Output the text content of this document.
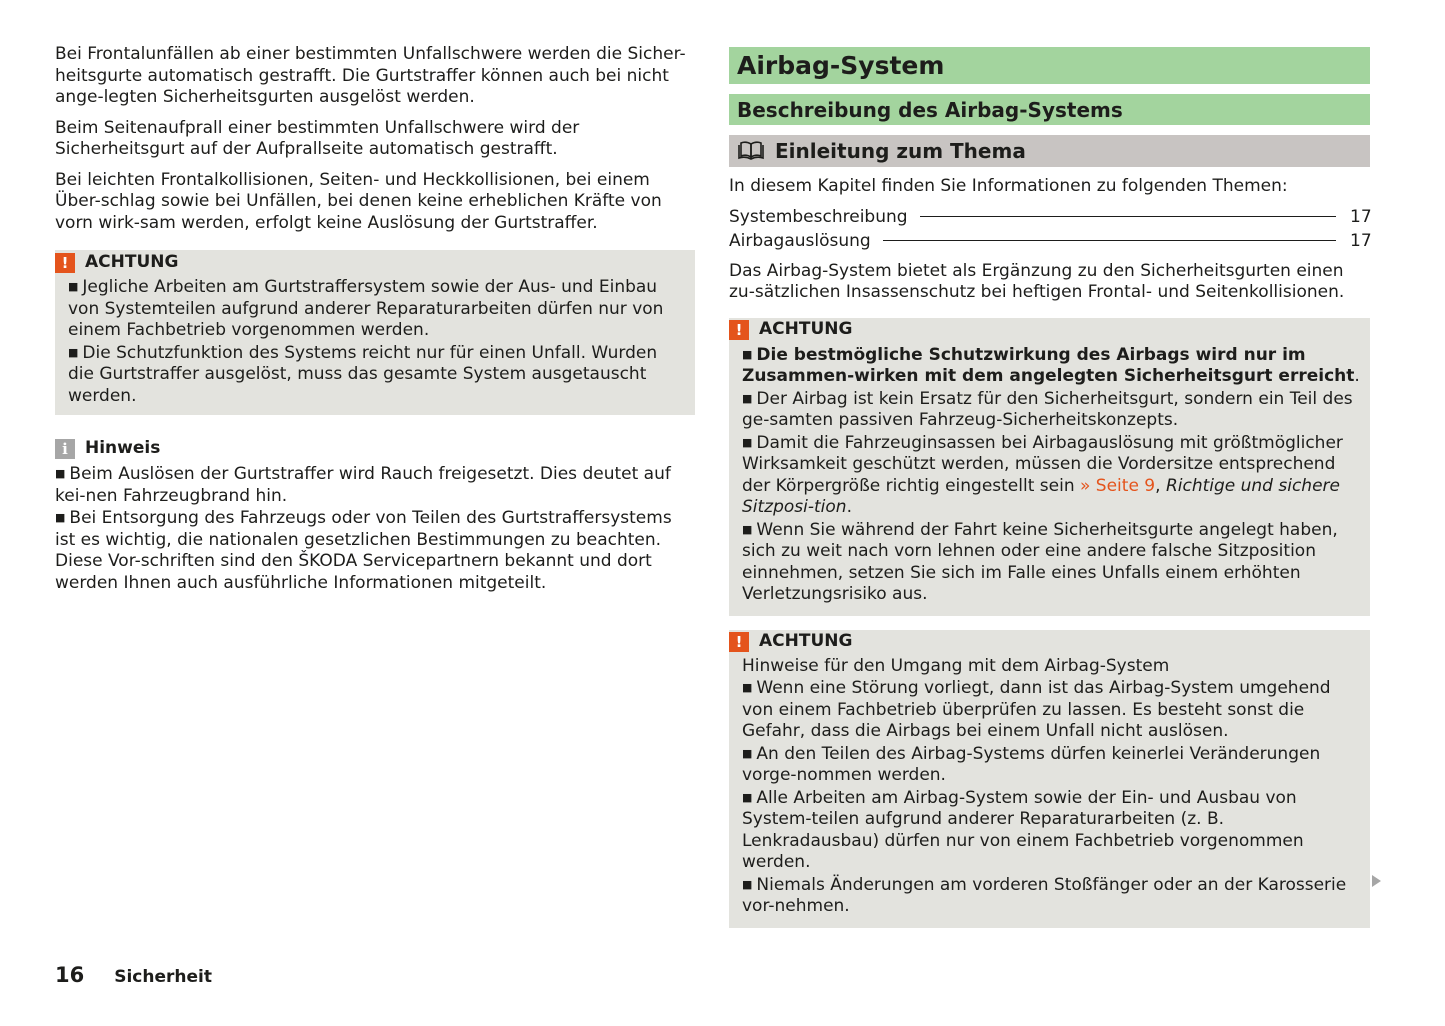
Bei Frontalunfällen ab einer bestimmten Unfallschwere werden die Sicher-heitsgurte automatisch gestrafft. Die Gurtstraffer können auch bei nicht ange-legten Sicherheitsgurten ausgelöst werden.

Beim Seitenaufprall einer bestimmten Unfallschwere wird der Sicherheitsgurt auf der Aufprallseite automatisch gestrafft.

Bei leichten Frontalkollisionen, Seiten- und Heckkollisionen, bei einem Über-schlag sowie bei Unfällen, bei denen keine erheblichen Kräfte von vorn wirk-sam werden, erfolgt keine Auslösung der Gurtstraffer.

! ACHTUNG

■ Jegliche Arbeiten am Gurtstraffersystem sowie der Aus- und Einbau von Systemteilen aufgrund anderer Reparaturarbeiten dürfen nur von einem Fachbetrieb vorgenommen werden.

■ Die Schutzfunktion des Systems reicht nur für einen Unfall. Wurden die Gurtstraffer ausgelöst, muss das gesamte System ausgetauscht werden.

i	Hinweis

■ Beim Auslösen der Gurtstraffer wird Rauch freigesetzt. Dies deutet auf kei-nen Fahrzeugbrand hin.

■ Bei Entsorgung des Fahrzeugs oder von Teilen des Gurtstraffersystems ist es wichtig, die nationalen gesetzlichen Bestimmungen zu beachten. Diese Vor-schriften sind den ŠKODA Servicepartnern bekannt und dort werden Ihnen auch ausführliche Informationen mitgeteilt.

Airbag-System
Beschreibung des Airbag-Systems
Einleitung zum Thema

In diesem Kapitel finden Sie Informationen zu folgenden Themen:

Systembeschreibung	17
Airbagauslösung	17

Das Airbag-System bietet als Ergänzung zu den Sicherheitsgurten einen zu-sätzlichen Insassenschutz bei heftigen Frontal- und Seitenkollisionen.

! ACHTUNG

■ Die bestmögliche Schutzwirkung des Airbags wird nur im Zusammen-wirken mit dem angelegten Sicherheitsgurt erreicht.

■ Der Airbag ist kein Ersatz für den Sicherheitsgurt, sondern ein Teil des ge-samten passiven Fahrzeug-Sicherheitskonzepts.

■ Damit die Fahrzeuginsassen bei Airbagauslösung mit größtmöglicher Wirksamkeit geschützt werden, müssen die Vordersitze entsprechend der Körpergröße richtig eingestellt sein » Seite 9, Richtige und sichere Sitzposi-tion.

■ Wenn Sie während der Fahrt keine Sicherheitsgurte angelegt haben, sich zu weit nach vorn lehnen oder eine andere falsche Sitzposition einnehmen, setzen Sie sich im Falle eines Unfalls einem erhöhten Verletzungsrisiko aus.

! ACHTUNG

Hinweise für den Umgang mit dem Airbag-System

■ Wenn eine Störung vorliegt, dann ist das Airbag-System umgehend von einem Fachbetrieb überprüfen zu lassen. Es besteht sonst die Gefahr, dass die Airbags bei einem Unfall nicht auslösen.

■ An den Teilen des Airbag-Systems dürfen keinerlei Veränderungen vorge-nommen werden.

■ Alle Arbeiten am Airbag-System sowie der Ein- und Ausbau von System-teilen aufgrund anderer Reparaturarbeiten (z. B. Lenkradausbau) dürfen nur von einem Fachbetrieb vorgenommen werden.

■ Niemals Änderungen am vorderen Stoßfänger oder an der Karosserie vor-nehmen.

16 Sicherheit
